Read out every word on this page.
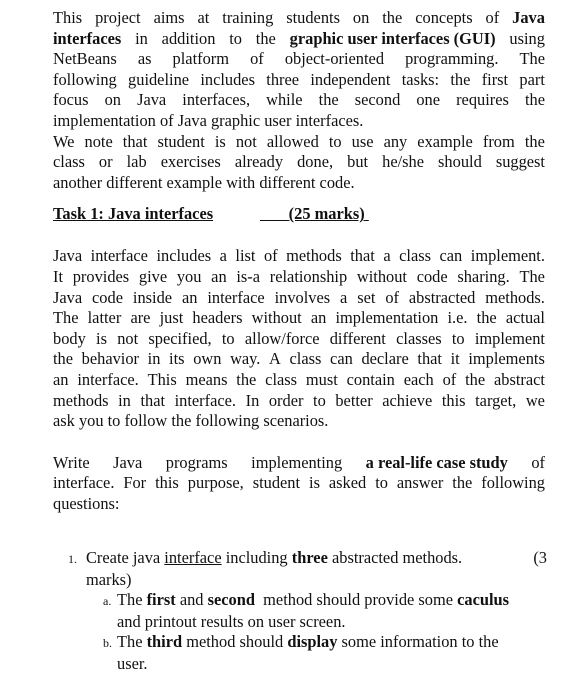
This project aims at training students on the concepts of Java
interfaces in addition to the graphic user interfaces (GUI) using
NetBeans as platform of object-oriented programming. The
following guideline includes three independent tasks: the first part
focus on Java interfaces, while the second one requires the
implementation of Java graphic user interfaces.
We note that student is not allowed to use any example from the
class or lab exercises already done, but he/she should suggest
another different example with different code.
Task 1: Java interfaces	(25 marks)
Java interface includes a list of methods that a class can implement.
It provides give you an is-a relationship without code sharing. The
Java code inside an interface involves a set of abstracted methods.
The latter are just headers without an implementation i.e. the actual
body is not specified, to allow/force different classes to implement
the behavior in its own way. A class can declare that it implements
an interface. This means the class must contain each of the abstract
methods in that interface. In order to better achieve this target, we
ask you to follow the following scenarios.
Write Java programs implementing a real-life case study of
interface. For this purpose, student is asked to answer the following
questions:
1. Create java interface including three abstracted methods.	(3
marks)
a. The first and second method should provide some caculus
and printout results on user screen.
b. The third method should display some information to the
user.
